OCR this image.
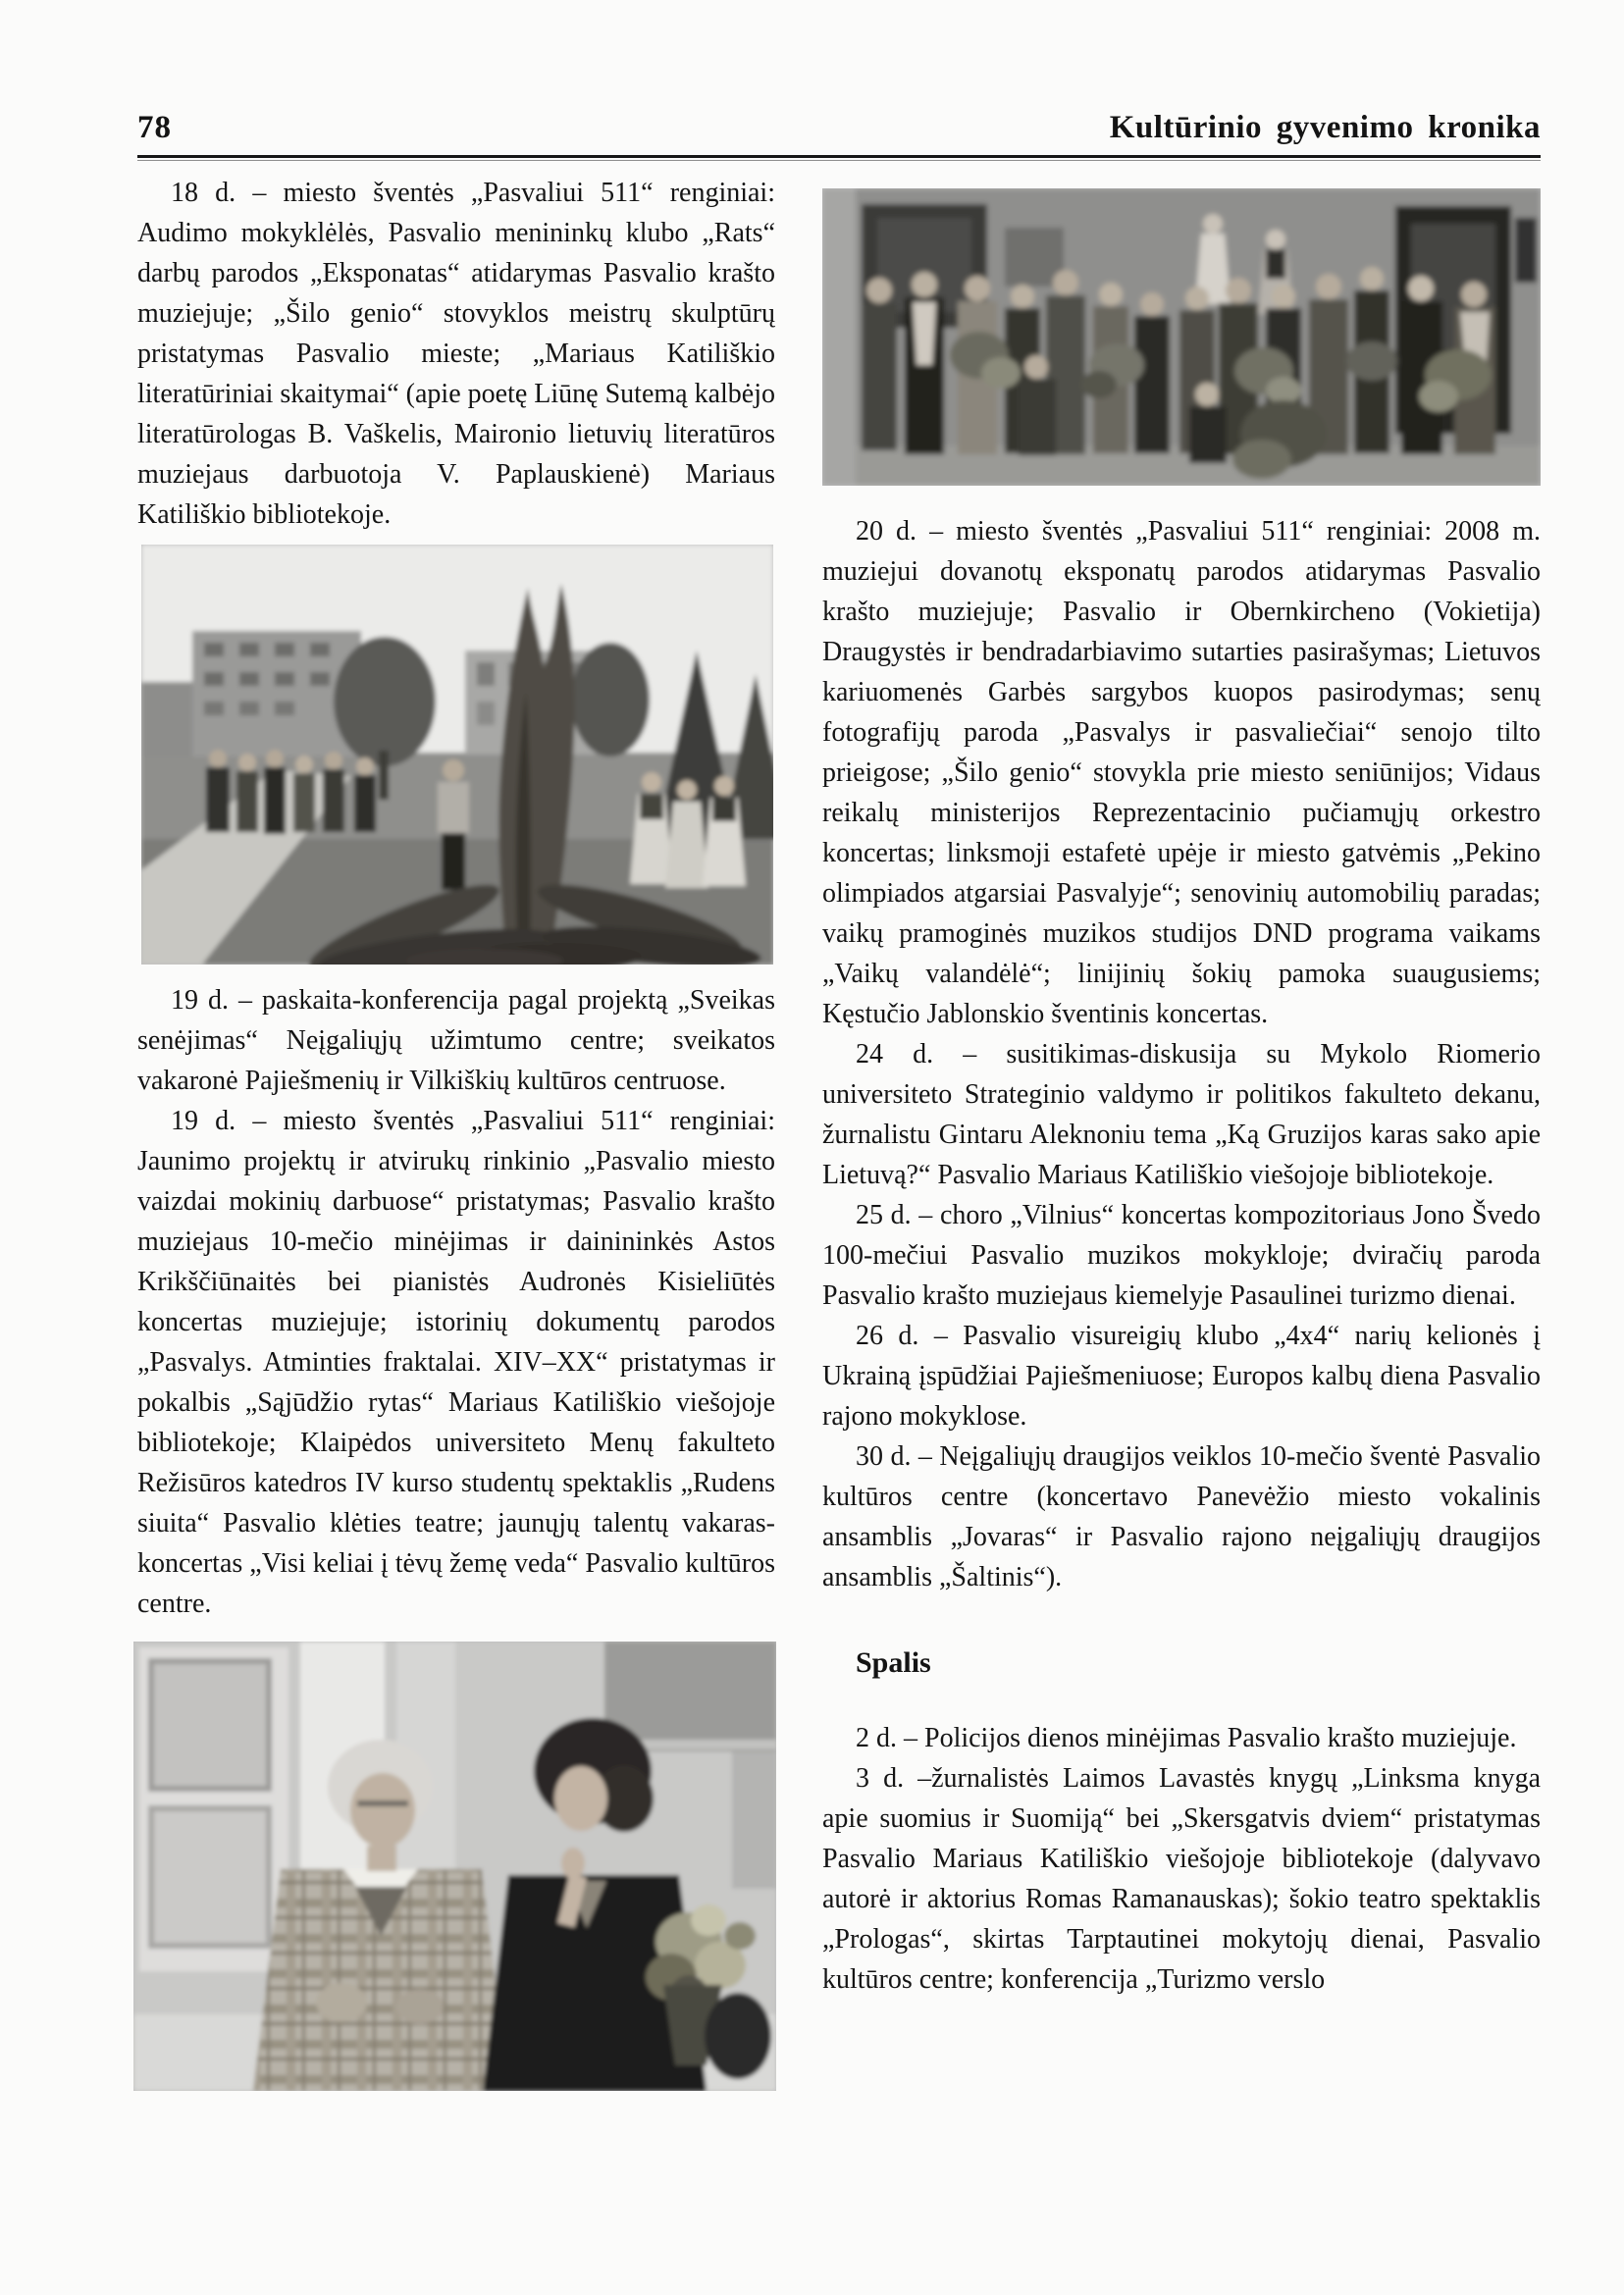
78	Kultūrinio gyvenimo kronika

18 d. – miesto šventės „Pasvaliui 511“ renginiai: Audimo mokyklėlės, Pasvalio menininkų klubo „Rats“ darbų parodos „Eksponatas“ atidarymas Pasvalio krašto muziejuje; „Šilo genio“ stovyklos meistrų skulptūrų pristatymas Pasvalio mieste; „Mariaus Katiliškio literatūriniai skaitymai“ (apie poetę Liūnę Sutemą kalbėjo literatūrologas B. Vaškelis, Maironio lietuvių literatūros muziejaus darbuotoja V. Paplauskienė) Mariaus Katiliškio bibliotekoje.

19 d. – paskaita-konferencija pagal projektą „Sveikas senėjimas“ Neįgaliųjų užimtumo centre; sveikatos vakaronė Pajiešmenių ir Vilkiškių kultūros centruose.

19 d. – miesto šventės „Pasvaliui 511“ renginiai: Jaunimo projektų ir atvirukų rinkinio „Pasvalio miesto vaizdai mokinių darbuose“ pristatymas; Pasvalio krašto muziejaus 10-mečio minėjimas ir dainininkės Astos Krikščiūnaitės bei pianistės Audronės Kisieliūtės koncertas muziejuje; istorinių dokumentų parodos „Pasvalys. Atminties fraktalai. XIV–XX“ pristatymas ir pokalbis „Sąjūdžio rytas“ Mariaus Katiliškio viešojoje bibliotekoje; Klaipėdos universiteto Menų fakulteto Režisūros katedros IV kurso studentų spektaklis „Rudens siuita“ Pasvalio klėties teatre; jaunųjų talentų vakaras-koncertas „Visi keliai į tėvų žemę veda“ Pasvalio kultūros centre.

20 d. – miesto šventės „Pasvaliui 511“ renginiai: 2008 m. muziejui dovanotų eksponatų parodos atidarymas Pasvalio krašto muziejuje; Pasvalio ir Obernkircheno (Vokietija) Draugystės ir bendradarbiavimo sutarties pasirašymas; Lietuvos kariuomenės Garbės sargybos kuopos pasirodymas; senų fotografijų paroda „Pasvalys ir pasvaliečiai“ senojo tilto prieigose; „Šilo genio“ stovykla prie miesto seniūnijos; Vidaus reikalų ministerijos Reprezentacinio pučiamųjų orkestro koncertas; linksmoji estafetė upėje ir miesto gatvėmis „Pekino olimpiados atgarsiai Pasvalyje“; senovinių automobilių paradas; vaikų pramoginės muzikos studijos DND programa vaikams „Vaikų valandėlė“; linijinių šokių pamoka suaugusiems; Kęstučio Jablonskio šventinis koncertas.

24 d. – susitikimas-diskusija su Mykolo Riomerio universiteto Strateginio valdymo ir politikos fakulteto dekanu, žurnalistu Gintaru Aleknoniu tema „Ką Gruzijos karas sako apie Lietuvą?“ Pasvalio Mariaus Katiliškio viešojoje bibliotekoje.

25 d. – choro „Vilnius“ koncertas kompozitoriaus Jono Švedo 100-mečiui Pasvalio muzikos mokykloje; dviračių paroda Pasvalio krašto muziejaus kiemelyje Pasaulinei turizmo dienai.

26 d. – Pasvalio visureigių klubo „4x4“ narių kelionės į Ukrainą įspūdžiai Pajiešmeniuose; Europos kalbų diena Pasvalio rajono mokyklose.

30 d. – Neįgaliųjų draugijos veiklos 10-mečio šventė Pasvalio kultūros centre (koncertavo Panevėžio miesto vokalinis ansamblis „Jovaras“ ir Pasvalio rajono neįgaliųjų draugijos ansamblis „Šaltinis“).

Spalis

2 d. – Policijos dienos minėjimas Pasvalio krašto muziejuje.

3 d. –žurnalistės Laimos Lavastės knygų „Linksma knyga apie suomius ir Suomiją“ bei „Skersgatvis dviem“ pristatymas Pasvalio Mariaus Katiliškio viešojoje bibliotekoje (dalyvavo autorė ir aktorius Romas Ramanauskas); šokio teatro spektaklis „Prologas“, skirtas Tarptautinei mokytojų dienai, Pasvalio kultūros centre; konferencija „Turizmo verslo
